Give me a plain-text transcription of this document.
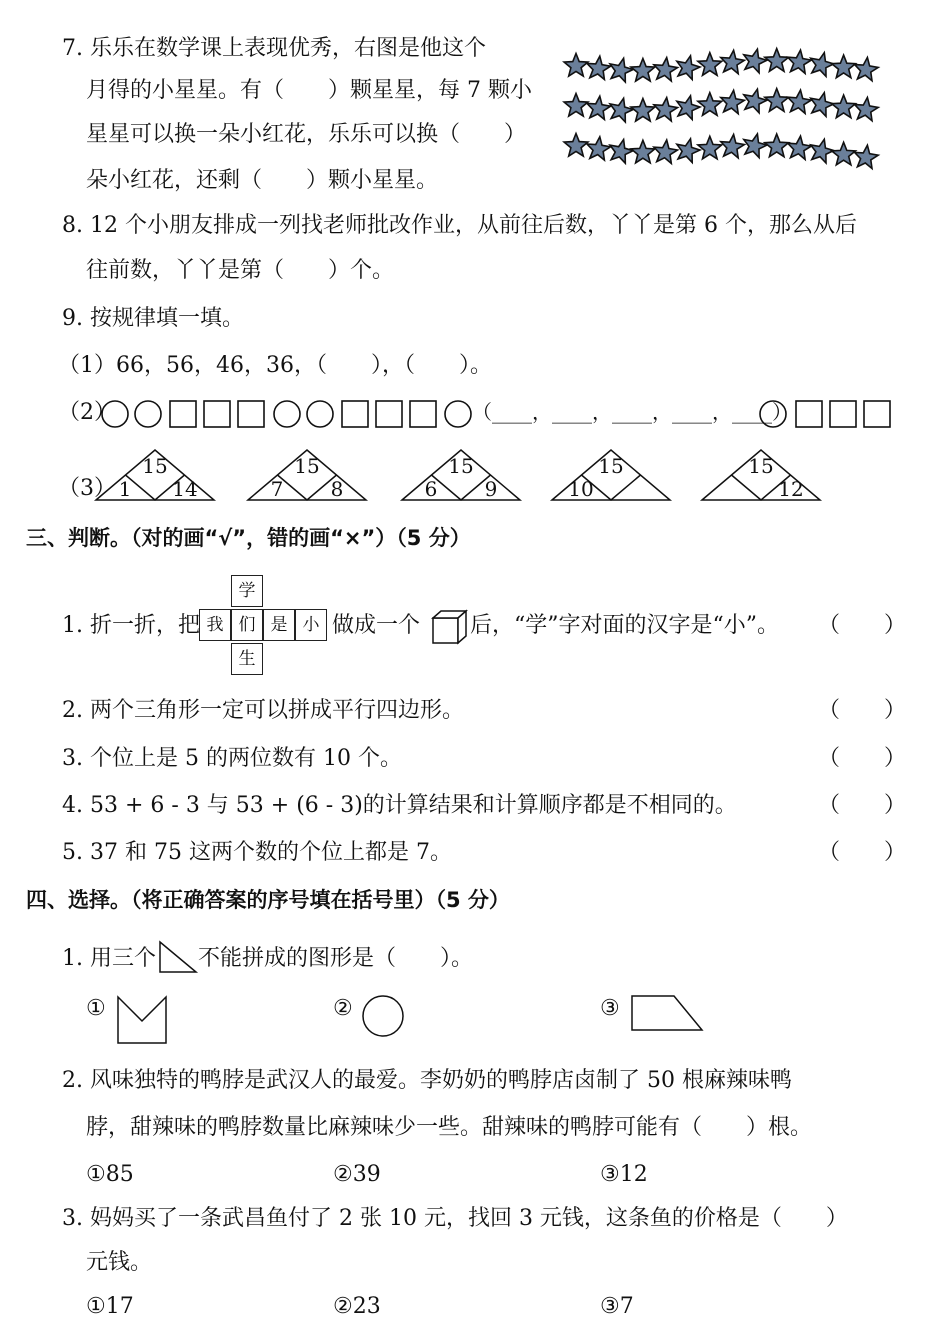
7. 乐乐在数学课上表现优秀，右图是他这个
月得的小星星。有（　　）颗星星，每 7 颗小
星星可以换一朵小红花，乐乐可以换（　　）
朵小红花，还剩（　　）颗小星星。
8. 12 个小朋友排成一列找老师批改作业，从前往后数，丫丫是第 6 个，那么从后
往前数，丫丫是第（　　）个。
9. 按规律填一填。
（1）66，56，46，36，（　　），（　　）。
（2）	（____，____，____，____，____）
（3）
15
1 14
15
7 8
15
6 9
15
10
15
12
三、判断。（对的画“√”，错的画“×”）（5 分）
1. 折一折，把
学
我 们 是 小
生
做成一个 后，“学”字对面的汉字是“小”。 （　　）
2. 两个三角形一定可以拼成平行四边形。	（　　）
3. 个位上是 5 的两位数有 10 个。	（　　）
4. 53 + 6 - 3 与 53 + (6 - 3)的计算结果和计算顺序都是不相同的。	（　　）
5. 37 和 75 这两个数的个位上都是 7。	（　　）
四、选择。（将正确答案的序号填在括号里）（5 分）
1. 用三个 不能拼成的图形是（　　）。
①	②	③
2. 风味独特的鸭脖是武汉人的最爱。李奶奶的鸭脖店卤制了 50 根麻辣味鸭
脖，甜辣味的鸭脖数量比麻辣味少一些。甜辣味的鸭脖可能有（　　）根。
①85	②39	③12
3. 妈妈买了一条武昌鱼付了 2 张 10 元，找回 3 元钱，这条鱼的价格是（　　）
元钱。
①17	②23	③7
